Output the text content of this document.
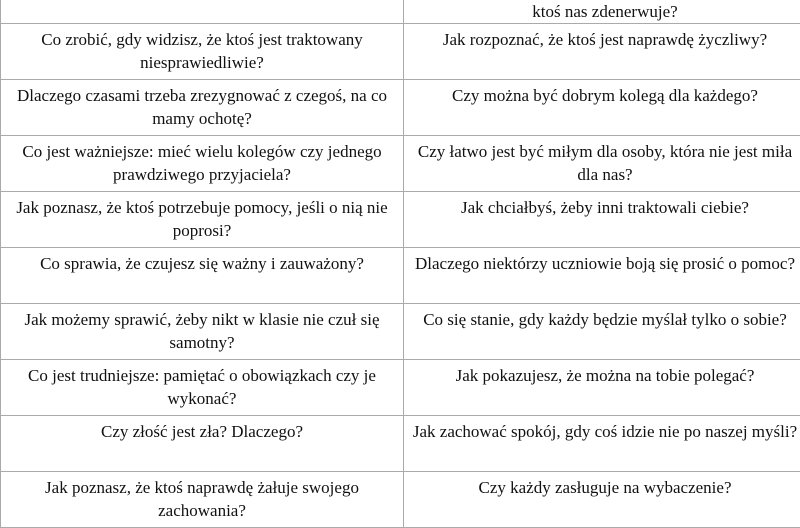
	ktoś nas zdenerwuje?

Co zrobić, gdy widzisz, że ktoś jest traktowany niesprawiedliwie?	Jak rozpoznać, że ktoś jest naprawdę życzliwy?

Dlaczego czasami trzeba zrezygnować z czegoś, na co mamy ochotę?	Czy można być dobrym kolegą dla każdego?

Co jest ważniejsze: mieć wielu kolegów czy jednego prawdziwego przyjaciela?	Czy łatwo jest być miłym dla osoby, która nie jest miła dla nas?

Jak poznasz, że ktoś potrzebuje pomocy, jeśli o nią nie poprosi?	Jak chciałbyś, żeby inni traktowali ciebie?

Co sprawia, że czujesz się ważny i zauważony?	Dlaczego niektórzy uczniowie boją się prosić o pomoc?

Jak możemy sprawić, żeby nikt w klasie nie czuł się samotny?	Co się stanie, gdy każdy będzie myślał tylko o sobie?

Co jest trudniejsze: pamiętać o obowiązkach czy je wykonać?	Jak pokazujesz, że można na tobie polegać?

Czy złość jest zła? Dlaczego?	Jak zachować spokój, gdy coś idzie nie po naszej myśli?

Jak poznasz, że ktoś naprawdę żałuje swojego zachowania?	Czy każdy zasługuje na wybaczenie?
